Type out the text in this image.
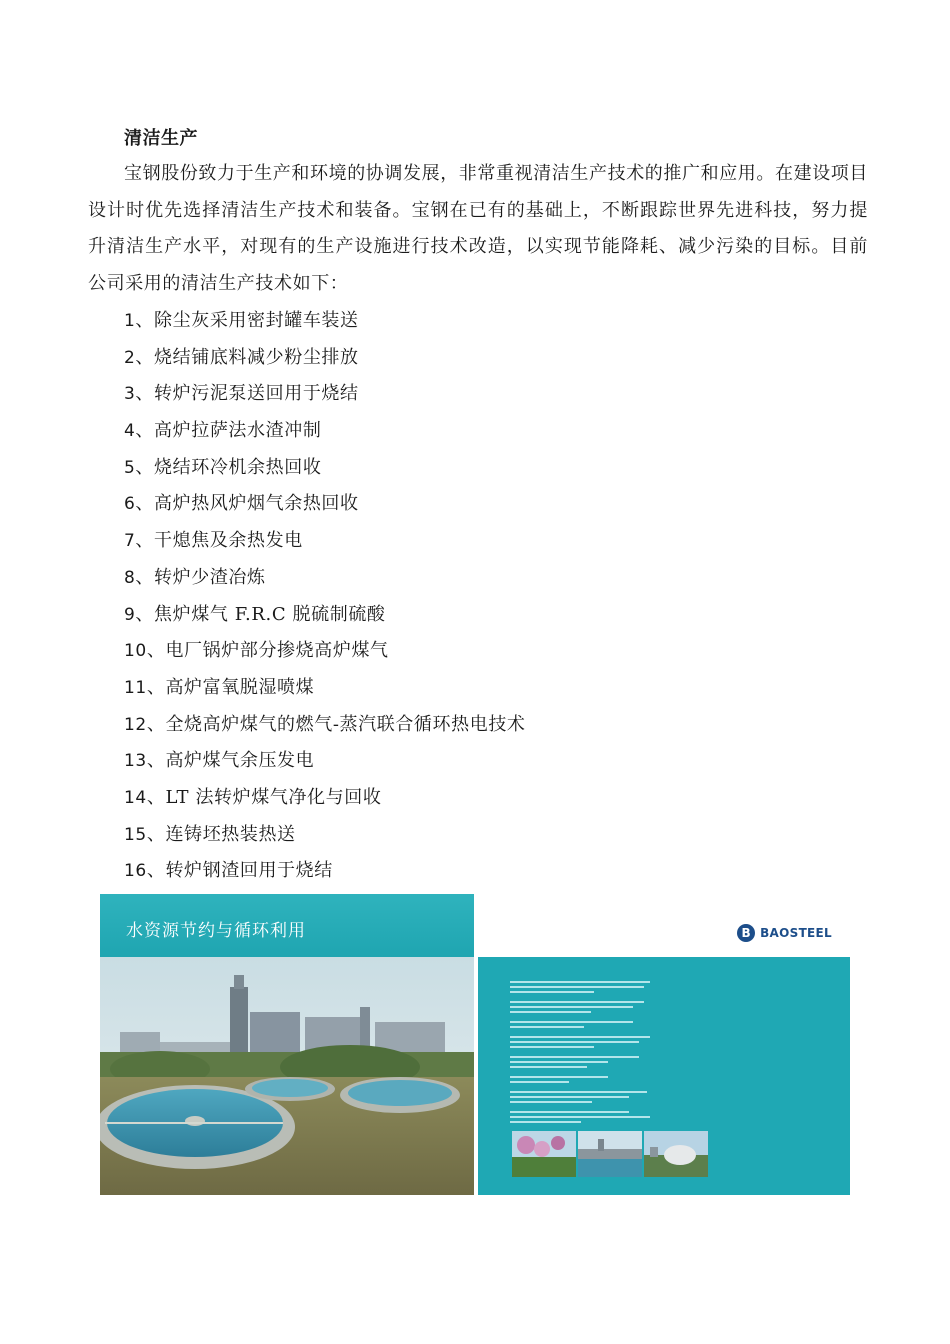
清洁生产

宝钢股份致力于生产和环境的协调发展，非常重视清洁生产技术的推广和应用。在建设项目设计时优先选择清洁生产技术和装备。宝钢在已有的基础上，不断跟踪世界先进科技，努力提升清洁生产水平，对现有的生产设施进行技术改造，以实现节能降耗、减少污染的目标。目前公司采用的清洁生产技术如下：

1、除尘灰采用密封罐车装送
2、烧结铺底料减少粉尘排放
3、转炉污泥泵送回用于烧结
4、高炉拉萨法水渣冲制
5、烧结环冷机余热回收
6、高炉热风炉烟气余热回收
7、干熄焦及余热发电
8、转炉少渣冶炼
9、焦炉煤气 F.R.C 脱硫制硫酸
10、电厂锅炉部分掺烧高炉煤气
11、高炉富氧脱湿喷煤
12、全烧高炉煤气的燃气-蒸汽联合循环热电技术
13、高炉煤气余压发电
14、LT 法转炉煤气净化与回收
15、连铸坯热装热送
16、转炉钢渣回用于烧结
水资源节约与循环利用	B BAOSTEEL
